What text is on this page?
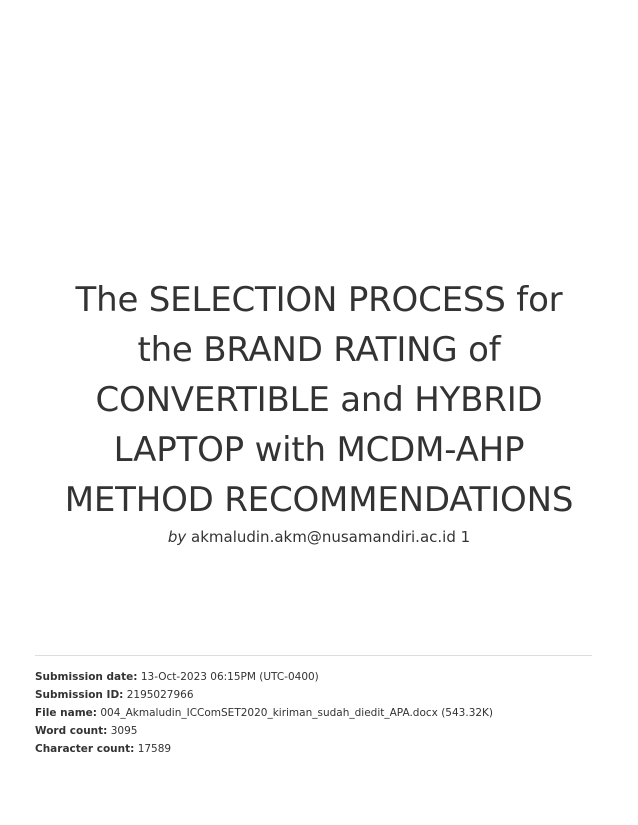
The SELECTION PROCESS for
the BRAND RATING of
CONVERTIBLE and HYBRID
LAPTOP with MCDM-AHP
METHOD RECOMMENDATIONS
by akmaludin.akm@nusamandiri.ac.id 1
Submission date: 13-Oct-2023 06:15PM (UTC-0400)
Submission ID: 2195027966
File name: 004_Akmaludin_ICComSET2020_kiriman_sudah_diedit_APA.docx (543.32K)
Word count: 3095
Character count: 17589
